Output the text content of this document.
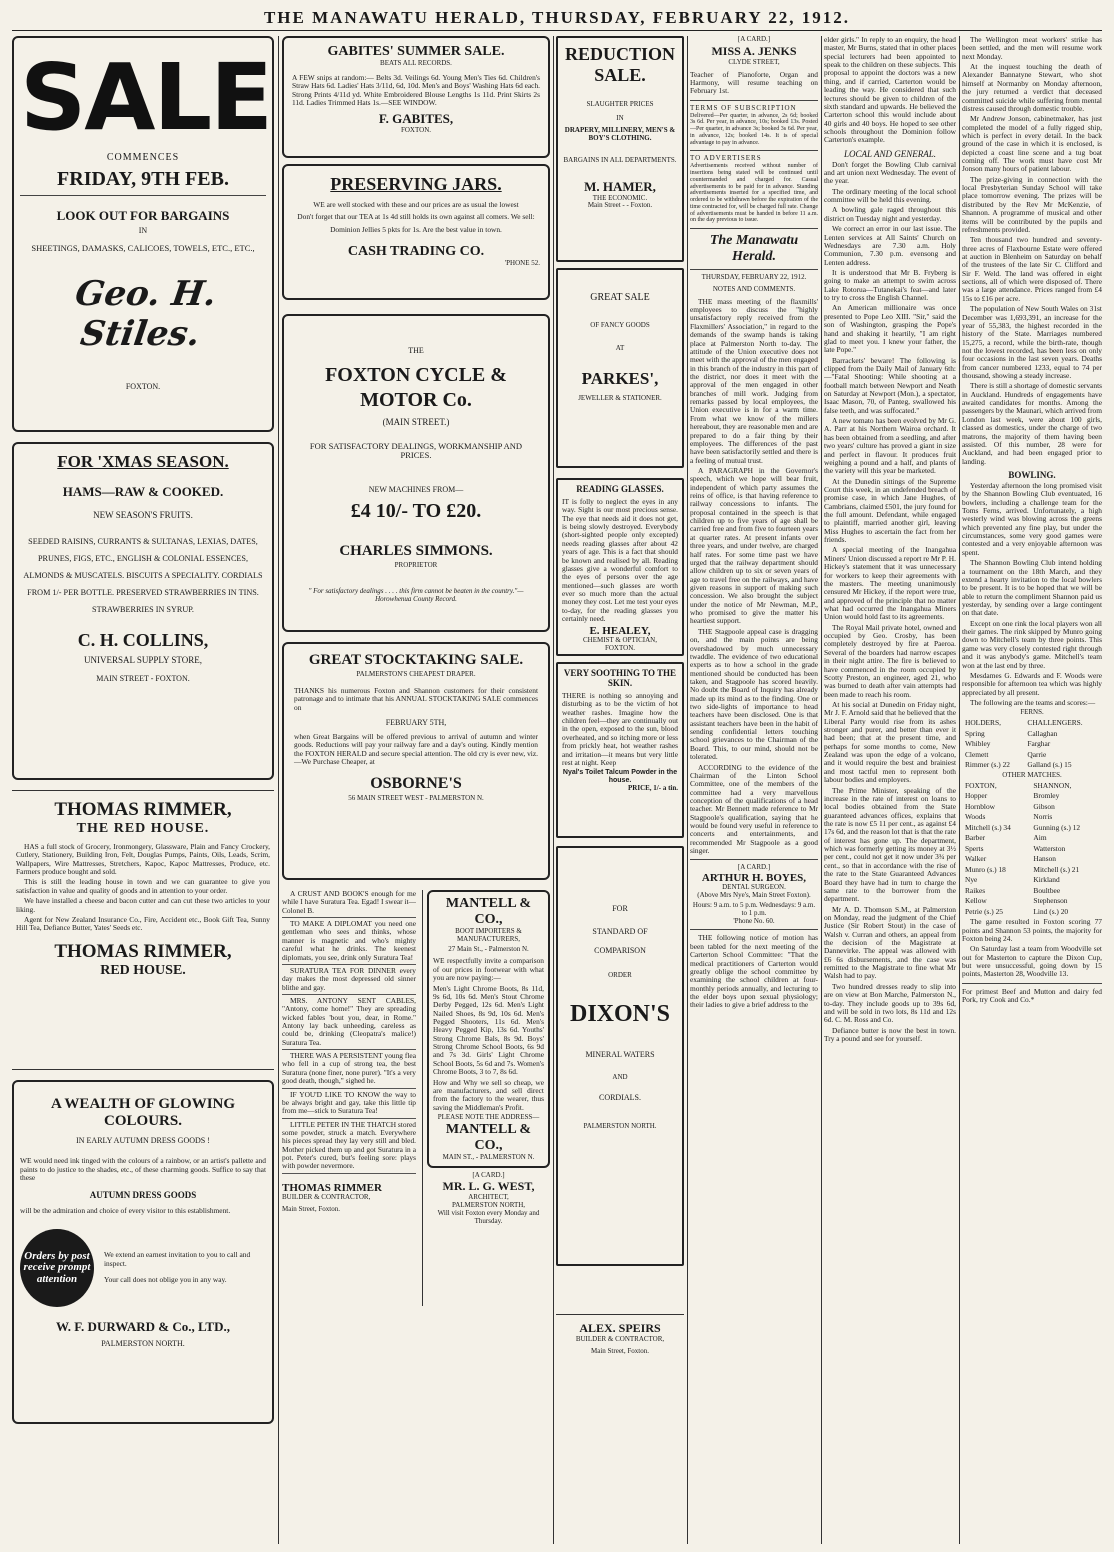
THE MANAWATU HERALD, THURSDAY, FEBRUARY 22, 1912.
SALE
COMMENCES
FRIDAY, 9TH FEB.
LOOK OUT FOR BARGAINS
IN
SHEETINGS, DAMASKS, CALICOES, TOWELS, ETC., ETC.,
Geo. H. Stiles.
FOXTON.
FOR 'XMAS SEASON.
HAMS—RAW & COOKED.
NEW SEASON'S FRUITS.
SEEDED RAISINS, CURRANTS & SULTANAS, LEXIAS, DATES, PRUNES, FIGS, ETC., ENGLISH & COLONIAL ESSENCES, ALMONDS & MUSCATELS. BISCUITS A SPECIALITY. CORDIALS FROM 1/- PER BOTTLE. PRESERVED STRAWBERRIES IN TINS. STRAWBERRIES IN SYRUP.
C. H. COLLINS,
UNIVERSAL SUPPLY STORE,
MAIN STREET - FOXTON.
THOMAS RIMMER,
THE RED HOUSE.

HAS a full stock of Grocery, Ironmongery, Glassware, Plain and Fancy Crockery, Cutlery, Stationery, Building Iron, Felt, Douglas Pumps, Paints, Oils, Leads, Scrim, Wallpapers, Wire Mattresses, Stretchers, Kapoc, Kapoc Mattresses, Produce, etc. Farmers produce bought and sold.

This is still the leading house in town and we can guarantee to give you satisfaction in value and quality of goods and in attention to your order.

We have installed a cheese and bacon cutter and can cut these two articles to your liking.

Agent for New Zealand Insurance Co., Fire, Accident etc., Book Gift Tea, Sunny Hill Tea, Defiance Butter, Yates' Seeds etc.

THOMAS RIMMER,
RED HOUSE.
A WEALTH OF GLOWING COLOURS.
IN EARLY AUTUMN DRESS GOODS !
WE would need ink tinged with the colours of a rainbow, or an artist's pallette and paints to do justice to the shades, etc., of these charming goods. Suffice to say that these
AUTUMN DRESS GOODS
will be the admiration and choice of every visitor to this establishment.
Orders by post receive prompt attention
We extend an earnest invitation to you to call and inspect.
Your call does not oblige you in any way.
W. F. DURWARD & Co., LTD.,
PALMERSTON NORTH.
GABITES' SUMMER SALE.
BEATS ALL RECORDS.
A FEW snips at random:— Belts 3d. Veilings 6d. Young Men's Ties 6d. Children's Straw Hats 6d. Ladies' Hats 3/11d, 6d, 10d. Men's and Boys' Washing Hats 6d each. Strong Prints 4/11d yd. White Embroidered Blouse Lengths 1s 11d. Print Skirts 2s 11d. Ladies Trimmed Hats 1s.—SEE WINDOW.
F. GABITES,
FOXTON.
PRESERVING JARS.
WE are well stocked with these and our prices are as usual the lowest
Don't forget that our TEA at 1s 4d still holds its own against all comers. We sell:
Dominion Jellies 5 pkts for 1s. Are the best value in town.
CASH TRADING CO.
'PHONE 52.
THE
FOXTON CYCLE & MOTOR Co.
(MAIN STREET.)
FOR SATISFACTORY DEALINGS, WORKMANSHIP AND PRICES.
NEW MACHINES FROM—
£4 10/- TO £20.
CHARLES SIMMONS.
PROPRIETOR
" For satisfactory dealings . . . . this firm cannot be beaten in the country."—Horowhenua County Record.
GREAT STOCKTAKING SALE.
PALMERSTON'S CHEAPEST DRAPER.
THANKS his numerous Foxton and Shannon customers for their consistent patronage and to intimate that his ANNUAL STOCKTAKING SALE commences on
FEBRUARY 5TH,
when Great Bargains will be offered previous to arrival of autumn and winter goods. Reductions will pay your railway fare and a day's outing. Kindly mention the FOXTON HERALD and secure special attention. The old cry is ever new, viz.—We Purchase Cheaper, at
OSBORNE'S
56 MAIN STREET WEST - PALMERSTON N.

A CRUST AND BOOK'S enough for me while I have Suratura Tea. Egad! I swear it—Colonel B.

TO MAKE A DIPLOMAT you need one gentleman who sees and thinks, whose manner is magnetic and who's mighty careful what he drinks. The keenest diplomats, you see, drink only Suratura Tea!

SURATURA TEA FOR DINNER every day makes the most depressed old sinner blithe and gay.

MRS. ANTONY SENT CABLES, "Antony, come home!" They are spreading wicked fables 'bout you, dear, in Rome." Antony lay back unheeding, careless as could be, drinking (Cleopatra's malice!) Suratura Tea.

THERE WAS A PERSISTENT young flea who fell in a cup of strong tea, the best Suratura (none finer, none purer). "It's a very good death, though," sighed he.

IF YOU'D LIKE TO KNOW the way to be always bright and gay, take this little tip from me—stick to Suratura Tea!

LITTLE PETER IN THE THATCH stored some powder, struck a match. Everywhere his pieces spread they lay very still and bled. Mother picked them up and got Suratura in a pot. Peter's cured, but's feeling sore: plays with powder nevermore.

THOMAS RIMMER
BUILDER & CONTRACTOR,
Main Street, Foxton.
MANTELL & CO.,
BOOT IMPORTERS & MANUFACTURERS,
27 Main St., - Palmerston N.
WE respectfully invite a comparison of our prices in footwear with what you are now paying:—
Men's Light Chrome Boots, 8s 11d, 9s 6d, 10s 6d. Men's Stout Chrome Derby Pegged, 12s 6d. Men's Light Nailed Shoes, 8s 9d, 10s 6d. Men's Pegged Shooters, 11s 6d. Men's Heavy Pegged Kip, 13s 6d. Youths' Strong Chrome Bals, 8s 9d. Boys' Strong Chrome School Boots, 6s 9d and 7s 3d. Girls' Light Chrome School Boots, 5s 6d and 7s. Women's Chrome Boots, 3 to 7, 8s 6d.
How and Why we sell so cheap, we are manufacturers, and sell direct from the factory to the wearer, thus saving the Middleman's Profit.
PLEASE NOTE THE ADDRESS—
MANTELL & CO.,
MAIN ST., - PALMERSTON N.
[A CARD.]
MR. L. G. WEST,
ARCHITECT,
PALMERSTON NORTH,
Will visit Foxton every Monday and Thursday.
REDUCTION SALE.
SLAUGHTER PRICES
IN
DRAPERY, MILLINERY, MEN'S & BOY'S CLOTHING.
BARGAINS IN ALL DEPARTMENTS.
M. HAMER,
THE ECONOMIC.
Main Street - - Foxton.
GREAT SALE
OF FANCY GOODS
AT
PARKES',
JEWELLER & STATIONER.
READING GLASSES.
IT is folly to neglect the eyes in any way. Sight is our most precious sense. The eye that needs aid it does not get, is being slowly destroyed. Everybody (short-sighted people only excepted) needs reading glasses after about 42 years of age. This is a fact that should be known and realised by all. Reading glasses give a wonderful comfort to the eyes of persons over the age mentioned—such glasses are worth ever so much more than the actual money they cost. Let me test your eyes to-day, for the reading glasses you certainly need.
E. HEALEY,
CHEMIST & OPTICIAN,
FOXTON.
VERY SOOTHING TO THE SKIN.
THERE is nothing so annoying and disturbing as to be the victim of hot weather rashes. Imagine how the children feel—they are continually out in the open, exposed to the sun, blood overheated, and so itching more or less from prickly heat, hot weather rashes and irritation—it means but very little rest at night. Keep
Nyal's Toilet Talcum Powder in the house.
PRICE, 1/- a tin.
FOR
STANDARD OF
COMPARISON
ORDER
DIXON'S
MINERAL WATERS
AND
CORDIALS.
PALMERSTON NORTH.
ALEX. SPEIRS
BUILDER & CONTRACTOR,
Main Street, Foxton.
[A CARD.]
MISS A. JENKS
CLYDE STREET,
Teacher of Pianoforte, Organ and Harmony, will resume teaching on February 1st.
TERMS OF SUBSCRIPTION
Delivered—Per quarter, in advance, 2s 6d; booked 3s 6d. Per year, in advance, 10s; booked 13s. Posted—Per quarter, in advance 3s; booked 3s 6d. Per year, in advance, 12s; booked 14s. It is of special advantage to pay in advance.
TO ADVERTISERS
Advertisements received without number of insertions being stated will be continued until countermanded and charged for. Casual advertisements to be paid for in advance. Standing advertisements inserted for a specified time, and ordered to be withdrawn before the expiration of the time contracted for, will be charged full rate. Change of advertisements must be handed in before 11 a.m. on the day previous to issue.
The Manawatu Herald.
THURSDAY, FEBRUARY 22, 1912.
NOTES AND COMMENTS.

THE mass meeting of the flaxmills' employees to discuss the "highly unsatisfactory reply received from the Flaxmillers' Association," in regard to the demands of the swamp hands is taking place at Palmerston North to-day. The attitude of the Union executive does not meet with the approval of the men engaged in this branch of the industry in this part of the district, nor does it meet with the approval of the men engaged in other branches of mill work. Judging from remarks passed by local employees, the Union executive is in for a warm time. From what we know of the millers hereabout, they are reasonable men and are prepared to do a fair thing by their employees. The differences of the past have been satisfactorily settled and there is a feeling of mutual trust.

A PARAGRAPH in the Governor's speech, which we hope will bear fruit, independent of which party assumes the reins of office, is that having reference to railway concessions to infants. The proposal contained in the speech is that children up to five years of age shall be carried free and from five to fourteen years at quarter rates. At present infants over three years, and under twelve, are charged half rates. For some time past we have urged that the railway department should allow children up to six or seven years of age to travel free on the railways, and have given reasons in support of making such concession. We also brought the subject under the notice of Mr Newman, M.P., who promised to give the matter his heartiest support.

THE Stagpoole appeal case is dragging on, and the main points are being overshadowed by much unnecessary twaddle. The evidence of two educational experts as to how a school in the grade mentioned should be conducted has been taken, and Stagpoole has scored heavily. No doubt the Board of Inquiry has already made up its mind as to the finding. One or two side-lights of importance to head teachers have been disclosed. One is that assistant teachers have been in the habit of sending confidential letters touching school grievances to the Chairman of the Board. This, to our mind, should not be tolerated.

ACCORDING to the evidence of the Chairman of the Linton School Committee, one of the members of the committee had a very marvellous conception of the qualifications of a head teacher. Mr Bennett made reference to Mr Stagpoole's qualification, saying that he would be found very useful in reference to concerts and entertainments, and recommended Mr Stagpoole as a good singer.

[A CARD.]
ARTHUR H. BOYES,
DENTAL SURGEON.
(Above Mrs Nye's, Main Street Foxton).
Hours: 9 a.m. to 5 p.m. Wednesdays: 9 a.m. to 1 p.m.
'Phone No. 60.

THE following notice of motion has been tabled for the next meeting of the Carterton School Committee: "That the medical practitioners of Carterton would greatly oblige the school committee by examining the school children at four-monthly periods annually, and lecturing to the elder boys upon sexual physiology; their ladies to give a brief address to the

elder girls." In reply to an enquiry, the head master, Mr Burns, stated that in other places special lecturers had been appointed to speak to the children on these subjects. This proposal to appoint the doctors was a new thing, and if carried, Carterton would be leading the way. He considered that such lectures should be given to children of the sixth standard and upwards. He believed the Carterton school this would include about 40 girls and 40 boys. He hoped to see other schools throughout the Dominion follow Carterton's example.

LOCAL AND GENERAL.

Don't forget the Bowling Club carnival and art union next Wednesday. The event of the year.

The ordinary meeting of the local school committee will be held this evening.

A bowling gale raged throughout this district on Tuesday night and yesterday.

We correct an error in our last issue. The Lenten services at All Saints' Church on Wednesdays are 7.30 a.m. Holy Communion, 7.30 p.m. evensong and Lenten address.

It is understood that Mr B. Fryberg is going to make an attempt to swim across Lake Rotorua—Tutanekai's feat—and later to try to cross the English Channel.

An American millionaire was once presented to Pope Leo XIII. "Sir," said the son of Washington, grasping the Pope's hand and shaking it heartily, "I am right glad to meet you. I knew your father, the late Pope."

Barrackets' beware! The following is clipped from the Daily Mail of January 6th:—"Fatal Shooting: While shooting at a football match between Newport and Neath on Saturday at Newport (Mon.), a spectator, Isaac Mason, 70, of Panteg, swallowed his false teeth, and was suffocated."

A new tomato has been evolved by Mr G. A. Parr at his Northern Wairoa orchard. It has been obtained from a seedling, and after two years' culture has proved a giant in size and perfect in flavour. It produces fruit weighing a pound and a half, and plants of the variety will this year be marketed.

At the Dunedin sittings of the Supreme Court this week, in an undefended breach of promise case, in which Jane Hughes, of Cambrians, claimed £501, the jury found for the full amount. Defendant, while engaged to plaintiff, married another girl, leaving Miss Hughes to ascertain the fact from her friends.

A special meeting of the Inangahua Miners' Union discussed a report re Mr P. H. Hickey's statement that it was unnecessary for workers to keep their agreements with the masters. The meeting unanimously censured Mr Hickey, if the report were true, and approved of the principle that no matter what had occurred the Inangahua Miners Union would hold fast to its agreements.

The Royal Mail private hotel, owned and occupied by Geo. Crosby, has been completely destroyed by fire at Paeroa. Several of the boarders had narrow escapes in their night attire. The fire is believed to have commenced in the room occupied by Scotty Preston, an engineer, aged 21, who was burned to death after vain attempts had been made to reach his room.

At his social at Dunedin on Friday night, Mr J. F. Arnold said that he believed that the Liberal Party would rise from its ashes stronger and purer, and better than ever it had been; that at the present time, and perhaps for some months to come, New Zealand was upon the edge of a volcano, and it would require the best and brainiest and most tactful men to represent both labour bodies and employers.

The Prime Minister, speaking of the increase in the rate of interest on loans to local bodies obtained from the State guaranteed advances offices, explains that the rate is now £5 11 per cent., as against £4 17s 6d, and the reason lot that is that the rate of interest has gone up. The department, which was formerly getting its money at 3½ per cent., could not get it now under 3¾ per cent., so that in accordance with the rise of the rate to the State Guaranteed Advances Board they have had in turn to charge the same rate to the borrower from the department.

Mr A. D. Thomson S.M., at Palmerston on Monday, read the judgment of the Chief Justice (Sir Robert Stout) in the case of Walsh v. Curran and others, an appeal from the decision of the Magistrate at Dannevirke. The appeal was allowed with £6 6s disbursements, and the case was remitted to the Magistrate to fine what Mr Walsh had to pay.

Two hundred dresses ready to slip into are on view at Bon Marche, Palmerston N., to-day. They include goods up to 39s 6d, and will be sold in two lots, 8s 11d and 12s 6d. C. M. Ross and Co.

Defiance butter is now the best in town. Try a pound and see for yourself.

The Wellington meat workers' strike has been settled, and the men will resume work next Monday.

At the inquest touching the death of Alexander Bannatyne Stewart, who shot himself at Normanby on Monday afternoon, the jury returned a verdict that deceased committed suicide while suffering from mental distress caused through domestic trouble.

Mr Andrew Jonson, cabinetmaker, has just completed the model of a fully rigged ship, which is perfect in every detail. In the back ground of the case in which it is enclosed, is depicted a coast line scene and a tug boat coming off. The work must have cost Mr Jonson many hours of patient labour.

The prize-giving in connection with the local Presbyterian Sunday School will take place tomorrow evening. The prizes will be distributed by the Rev Mr McKenzie, of Shannon. A programme of musical and other items will be contributed by the pupils and refreshments provided.

Ten thousand two hundred and seventy-three acres of Flaxbourne Estate were offered at auction in Blenheim on Saturday on behalf of the trustees of the late Sir C. Clifford and Sir F. Weld. The land was offered in eight sections, all of which were disposed of. There was a large attendance. Prices ranged from £4 15s to £16 per acre.

The population of New South Wales on 31st December was 1,693,391, an increase for the year of 55,383, the highest recorded in the history of the State. Marriages numbered 15,275, a record, while the birth-rate, though not the lowest recorded, has been less on only four occasions in the last seven years. Deaths from cancer numbered 1233, equal to 74 per thousand, showing a steady increase.

There is still a shortage of domestic servants in Auckland. Hundreds of engagements have awaited candidates for months. Among the passengers by the Maunari, which arrived from London last week, were about 100 girls, classed as domestics, under the charge of two matrons, the majority of them having been assisted. Of this number, 28 were for Auckland, and had been engaged prior to landing.

BOWLING.

Yesterday afternoon the long promised visit by the Shannon Bowling Club eventuated, 16 bowlers, including a challenge team for the Toms Ferns, arrived. Unfortunately, a high westerly wind was blowing across the greens which prevented any fine play, but under the circumstances, some very good games were contested and a very enjoyable afternoon was spent.

The Shannon Bowling Club intend holding a tournament on the 18th March, and they extend a hearty invitation to the local bowlers to be present. It is to be hoped that we will be able to return the compliment Shannon paid us yesterday, by sending over a large contingent on that date.

Except on one rink the local players won all their games. The rink skipped by Munro going down to Mitchell's team by three points. This game was very closely contested right through and it was anybody's game. Mitchell's team won at the last end by three.

Mesdames G. Edwards and F. Woods were responsible for afternoon tea which was highly appreciated by all present.

The following are the teams and scores:—

FERNS.
HOLDERS,	CHALLENGERS.
Spring	Callaghan
Whibley	Farghar
Clemett	Qarrie
Rimmer (s.) 22	Galland (s.) 15
OTHER MATCHES.
FOXTON,	SHANNON,
Hopper	Bromley
Hornblow	Gibson
Woods	Norris
Mitchell (s.) 34	Gunning (s.) 12
Barber	Aim
Sperts	Watterston
Walker	Hanson
Munro (s.) 18	Mitchell (s.) 21
Nye	Kirkland
Raikes	Boultbee
Kellow	Stephenson
Petrie (s.) 25	Lind (s.) 20

The game resulted in Foxton scoring 77 points and Shannon 53 points, the majority for Foxton being 24.

On Saturday last a team from Woodville set out for Masterton to capture the Dixon Cup, but were unsuccessful, going down by 15 points, Masterton 28, Woodville 13.

For primest Beef and Mutton and dairy fed Pork, try Cook and Co.*
